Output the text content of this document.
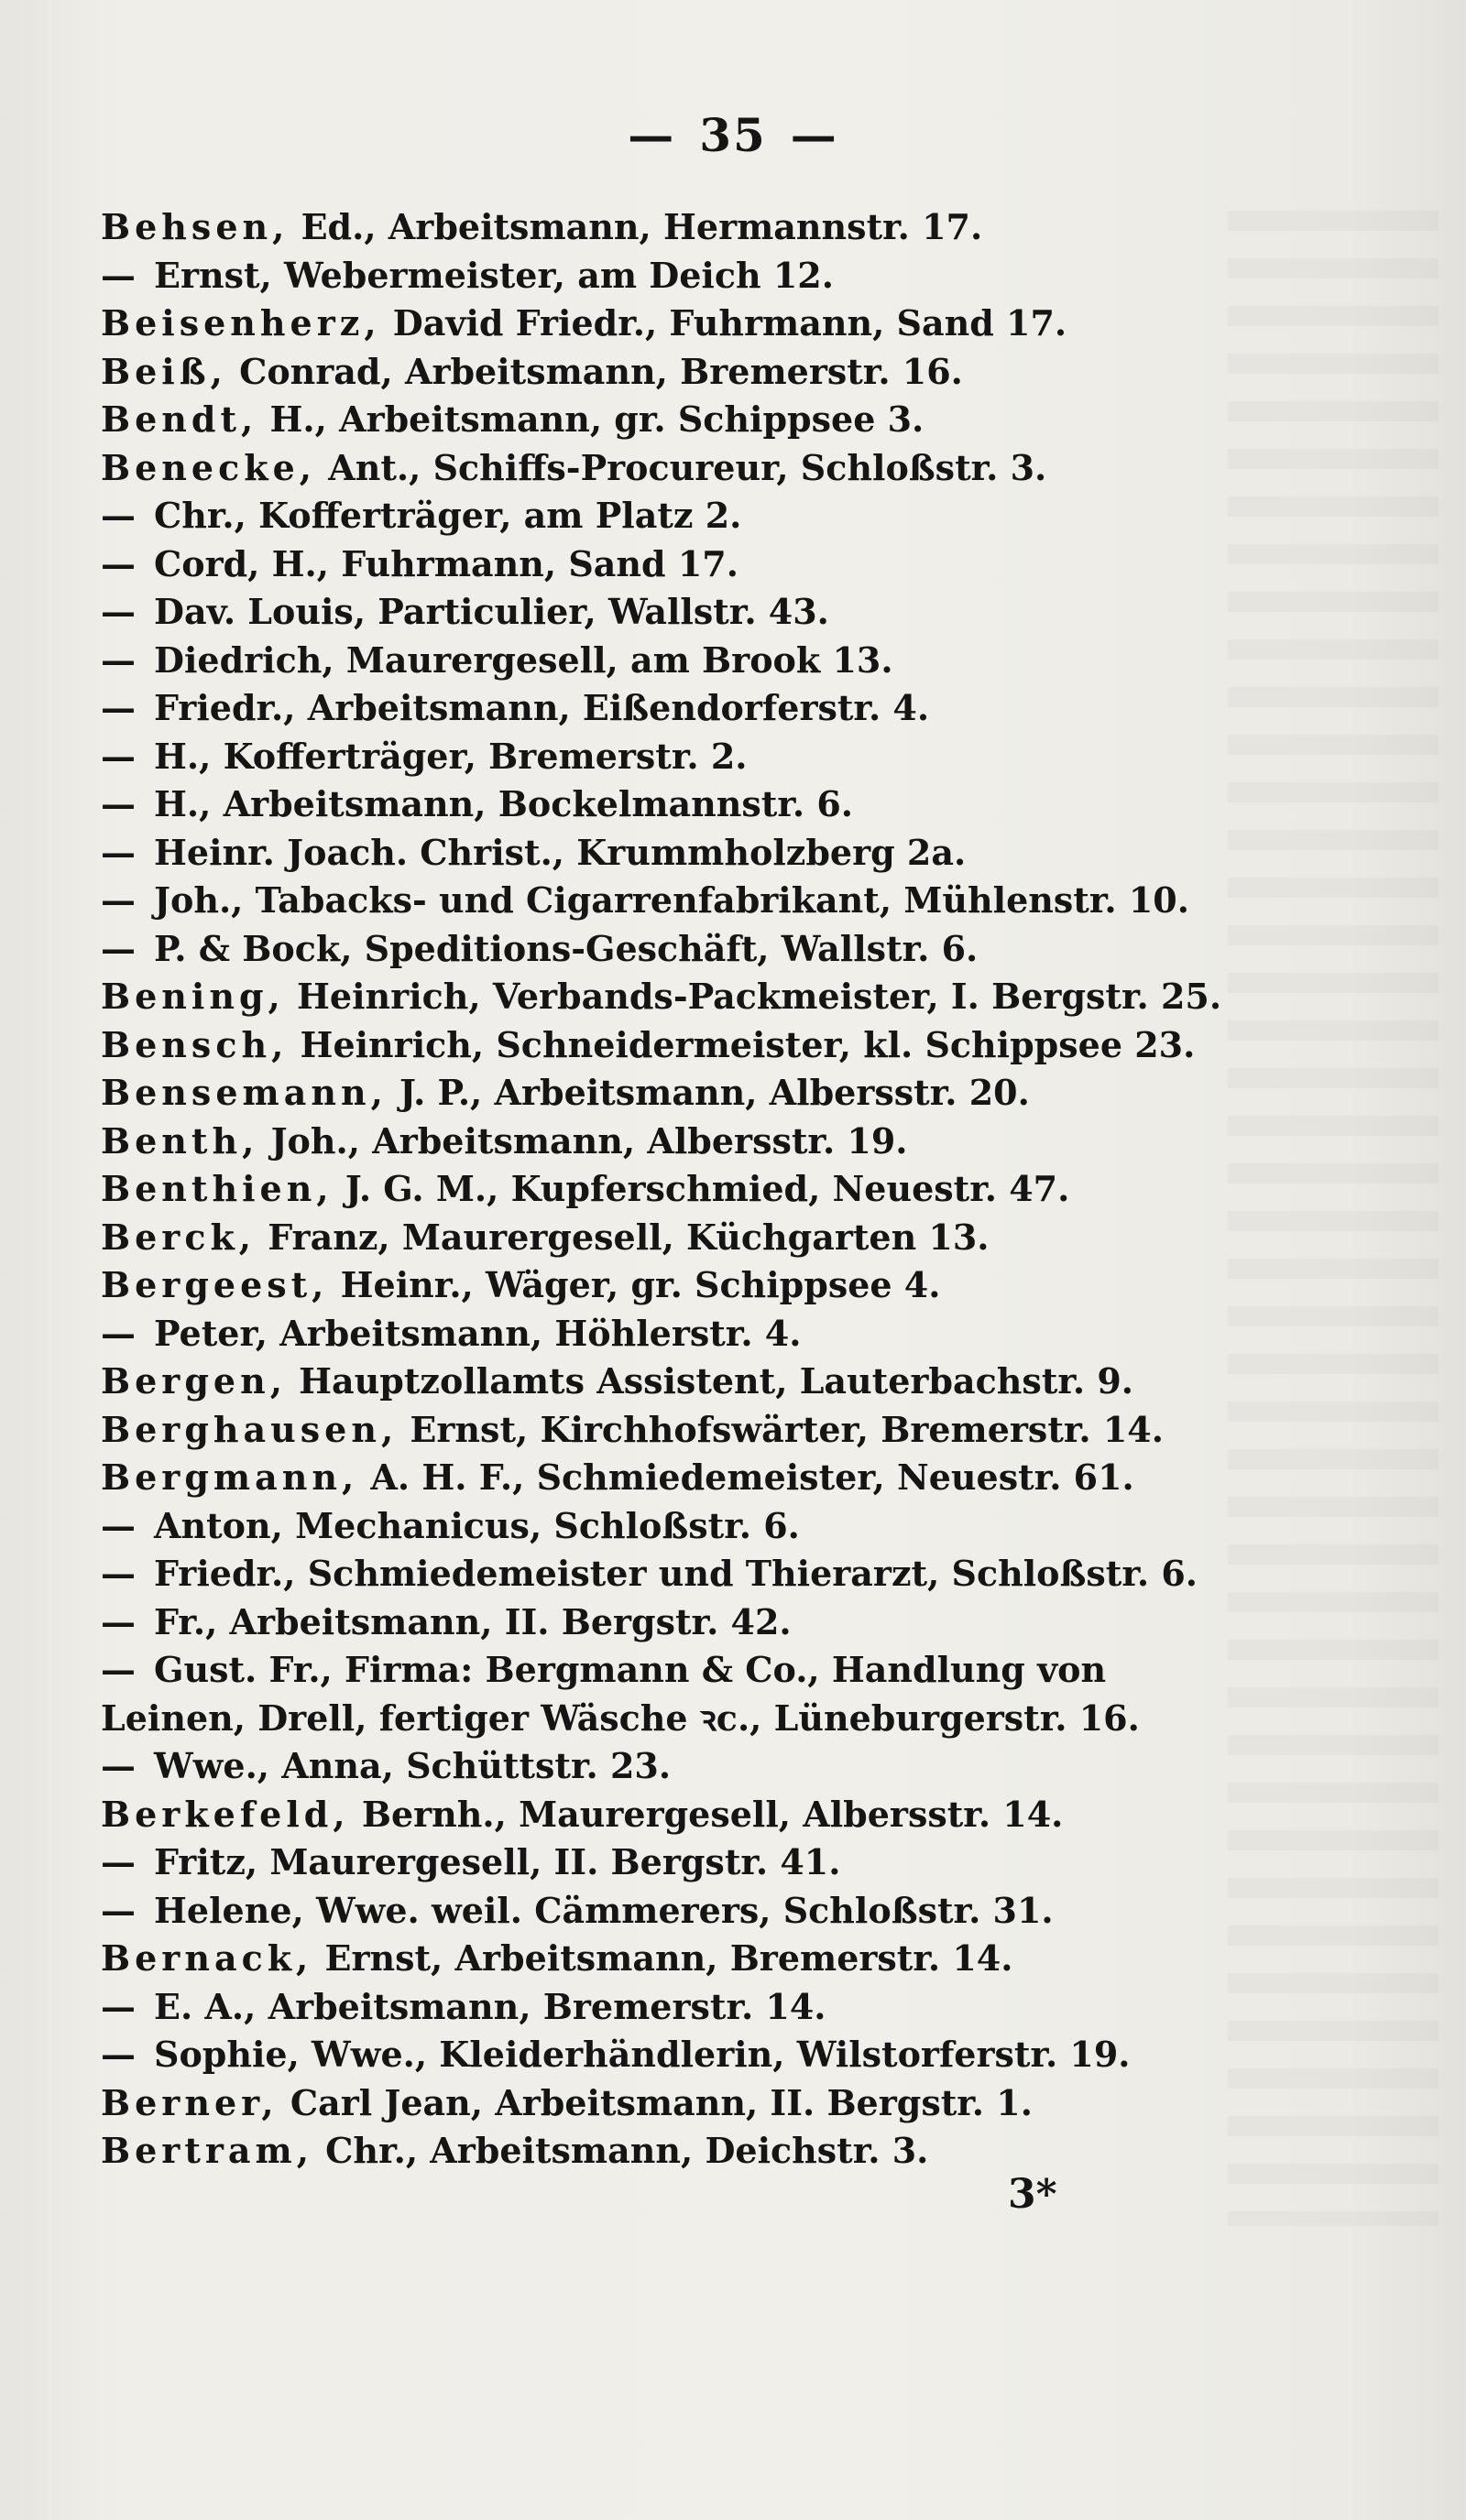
— 35 —
Behsen, Ed., Arbeitsmann, Hermannstr. 17.
— Ernst, Webermeister, am Deich 12.
Beisenherz, David Friedr., Fuhrmann, Sand 17.
Beiß, Conrad, Arbeitsmann, Bremerstr. 16.
Bendt, H., Arbeitsmann, gr. Schippsee 3.
Benecke, Ant., Schiffs-Procureur, Schloßstr. 3.
— Chr., Kofferträger, am Platz 2.
— Cord, H., Fuhrmann, Sand 17.
— Dav. Louis, Particulier, Wallstr. 43.
— Diedrich, Maurergesell, am Brook 13.
— Friedr., Arbeitsmann, Eißendorferstr. 4.
— H., Kofferträger, Bremerstr. 2.
— H., Arbeitsmann, Bockelmannstr. 6.
— Heinr. Joach. Christ., Krummholzberg 2a.
— Joh., Tabacks- und Cigarrenfabrikant, Mühlenstr. 10.
— P. & Bock, Speditions-Geschäft, Wallstr. 6.
Bening, Heinrich, Verbands-Packmeister, I. Bergstr. 25.
Bensch, Heinrich, Schneidermeister, kl. Schippsee 23.
Bensemann, J. P., Arbeitsmann, Albersstr. 20.
Benth, Joh., Arbeitsmann, Albersstr. 19.
Benthien, J. G. M., Kupferschmied, Neuestr. 47.
Berck, Franz, Maurergesell, Küchgarten 13.
Bergeest, Heinr., Wäger, gr. Schippsee 4.
— Peter, Arbeitsmann, Höhlerstr. 4.
Bergen, Hauptzollamts Assistent, Lauterbachstr. 9.
Berghausen, Ernst, Kirchhofswärter, Bremerstr. 14.
Bergmann, A. H. F., Schmiedemeister, Neuestr. 61.
— Anton, Mechanicus, Schloßstr. 6.
— Friedr., Schmiedemeister und Thierarzt, Schloßstr. 6.
— Fr., Arbeitsmann, II. Bergstr. 42.
— Gust. Fr., Firma: Bergmann & Co., Handlung von
Leinen, Drell, fertiger Wäsche ꝛc., Lüneburgerstr. 16.
— Wwe., Anna, Schüttstr. 23.
Berkefeld, Bernh., Maurergesell, Albersstr. 14.
— Fritz, Maurergesell, II. Bergstr. 41.
— Helene, Wwe. weil. Cämmerers, Schloßstr. 31.
Bernack, Ernst, Arbeitsmann, Bremerstr. 14.
— E. A., Arbeitsmann, Bremerstr. 14.
— Sophie, Wwe., Kleiderhändlerin, Wilstorferstr. 19.
Berner, Carl Jean, Arbeitsmann, II. Bergstr. 1.
Bertram, Chr., Arbeitsmann, Deichstr. 3.
3*
